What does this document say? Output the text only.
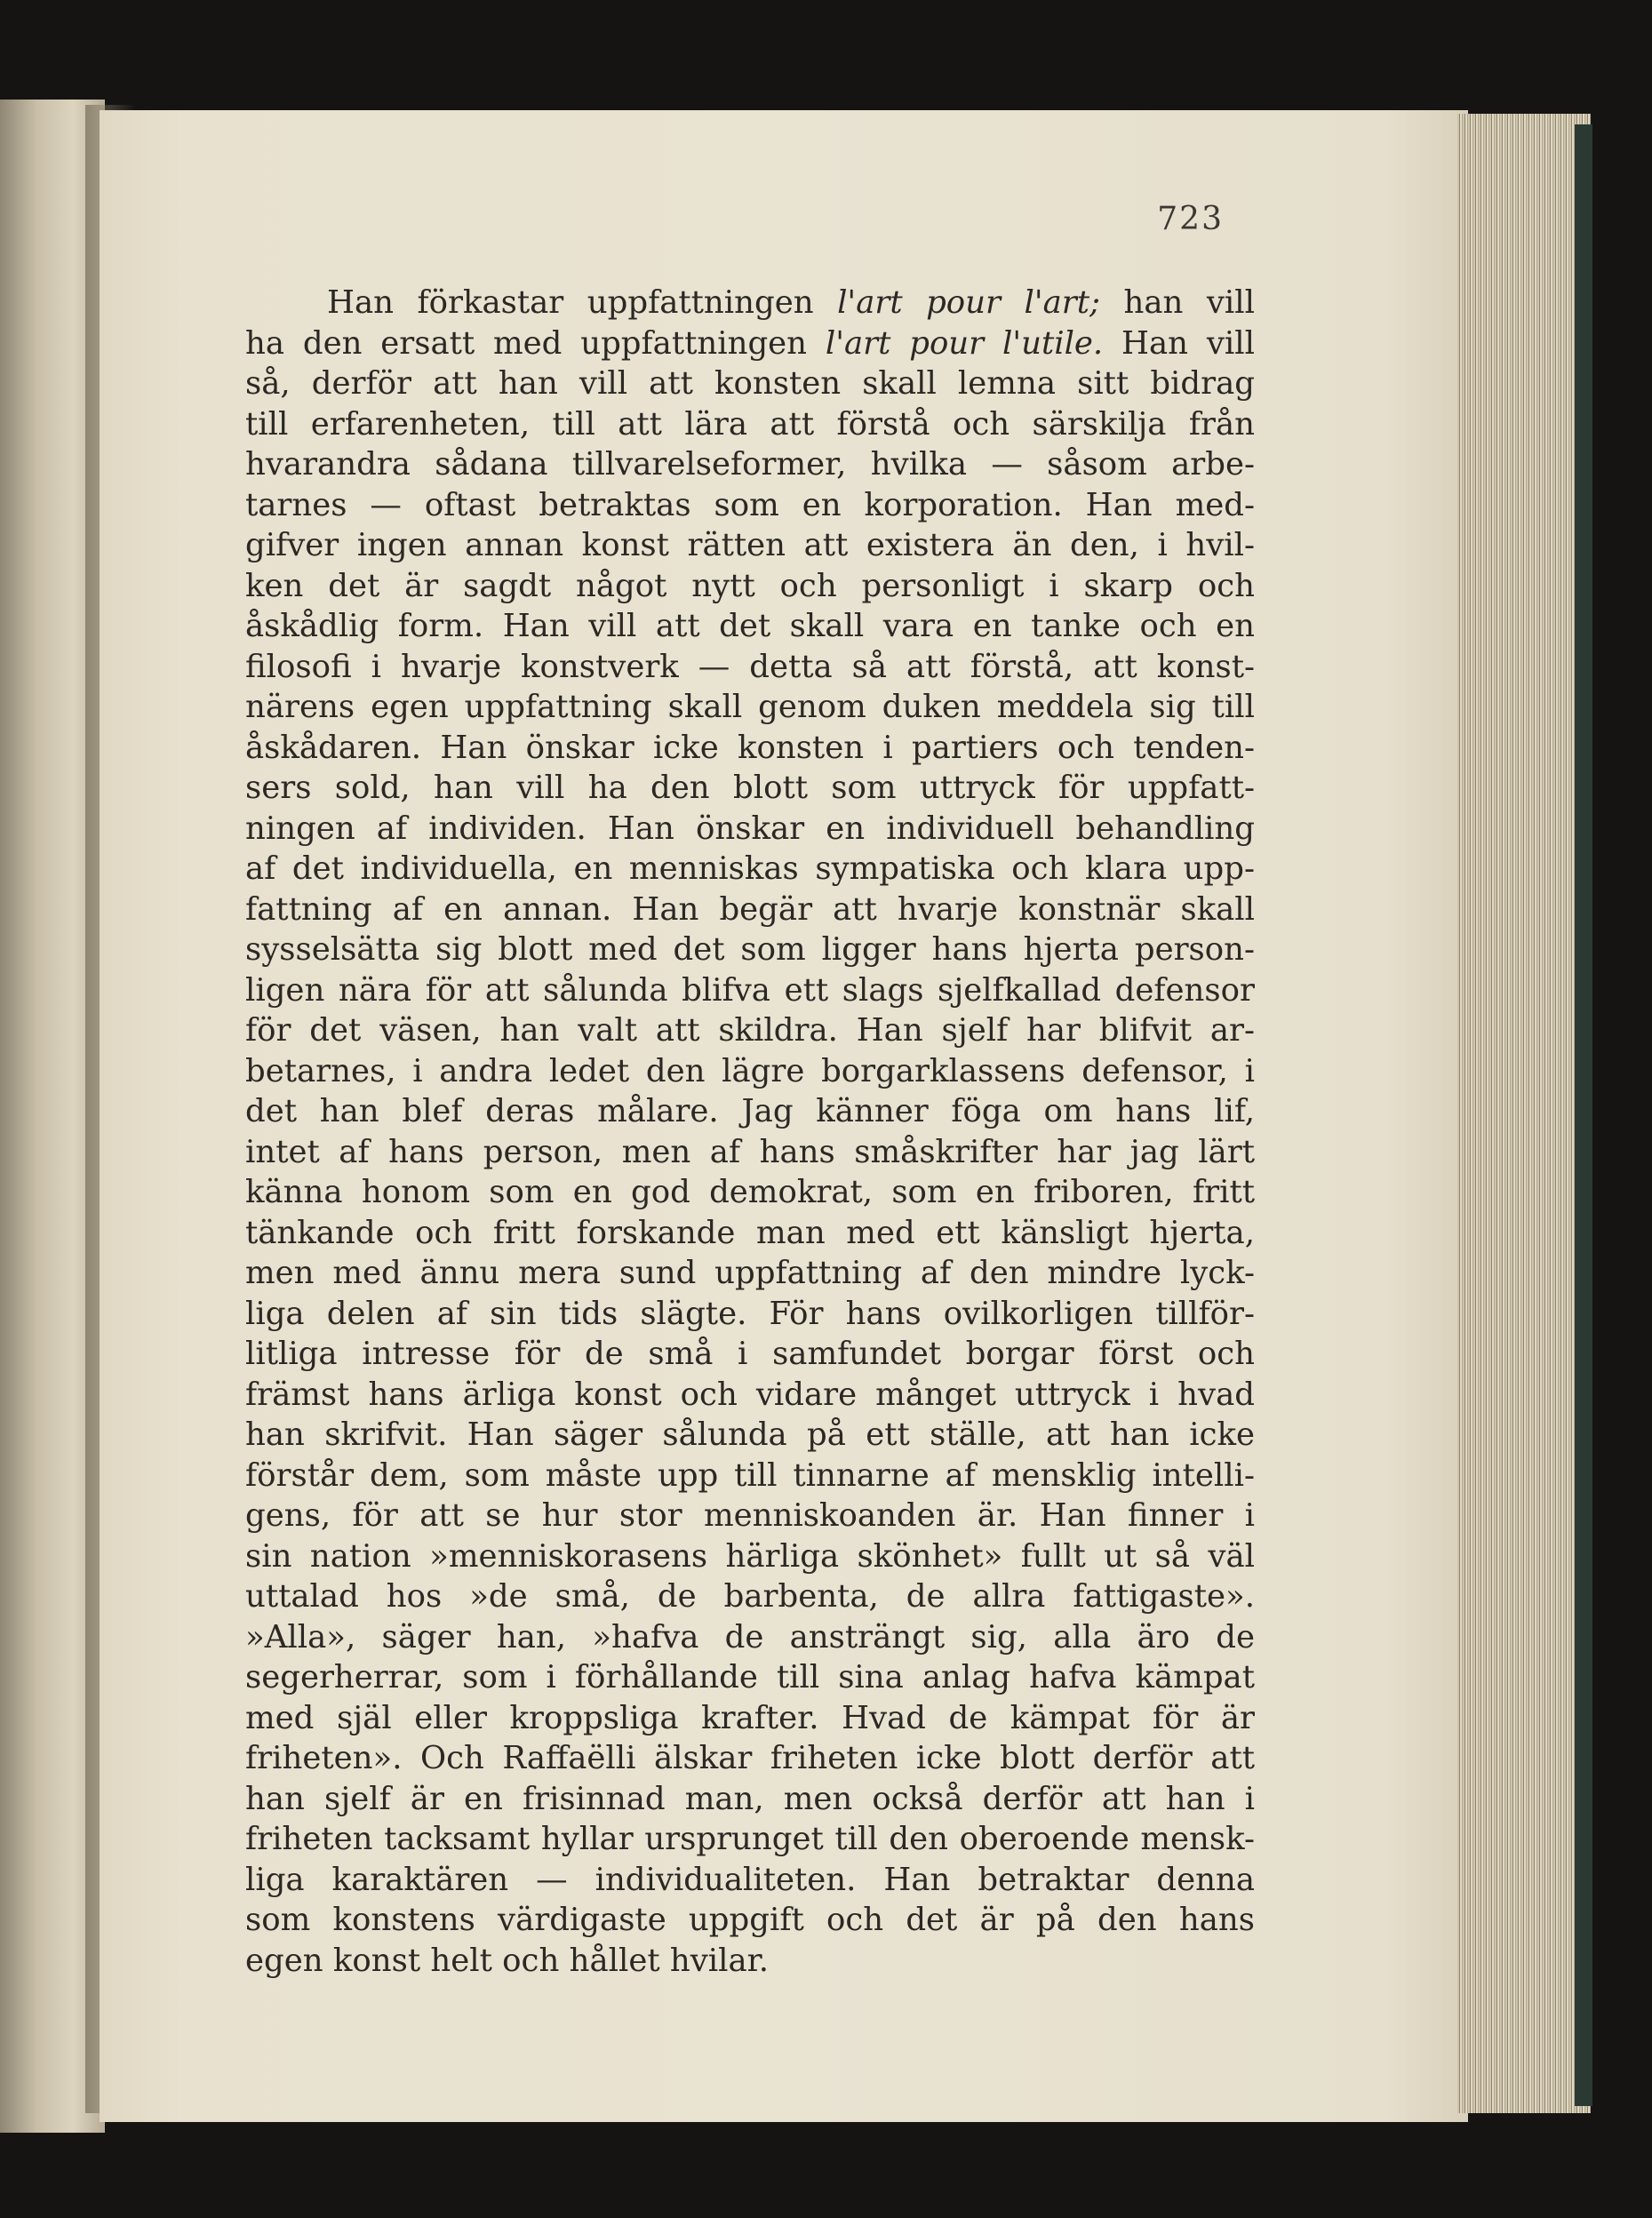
723
Han förkastar uppfattningen l'art pour l'art; han vill
ha den ersatt med uppfattningen l'art pour l'utile. Han vill
så, derför att han vill att konsten skall lemna sitt bidrag
till erfarenheten, till att lära att förstå och särskilja från
hvarandra sådana tillvarelseformer, hvilka — såsom arbe-
tarnes — oftast betraktas som en korporation. Han med-
gifver ingen annan konst rätten att existera än den, i hvil-
ken det är sagdt något nytt och personligt i skarp och
åskådlig form. Han vill att det skall vara en tanke och en
filosofi i hvarje konstverk — detta så att förstå, att konst-
närens egen uppfattning skall genom duken meddela sig till
åskådaren. Han önskar icke konsten i partiers och tenden-
sers sold, han vill ha den blott som uttryck för uppfatt-
ningen af individen. Han önskar en individuell behandling
af det individuella, en menniskas sympatiska och klara upp-
fattning af en annan. Han begär att hvarje konstnär skall
sysselsätta sig blott med det som ligger hans hjerta person-
ligen nära för att sålunda blifva ett slags sjelfkallad defensor
för det väsen, han valt att skildra. Han sjelf har blifvit ar-
betarnes, i andra ledet den lägre borgarklassens defensor, i
det han blef deras målare. Jag känner föga om hans lif,
intet af hans person, men af hans småskrifter har jag lärt
känna honom som en god demokrat, som en friboren, fritt
tänkande och fritt forskande man med ett känsligt hjerta,
men med ännu mera sund uppfattning af den mindre lyck-
liga delen af sin tids slägte. För hans ovilkorligen tillför-
litliga intresse för de små i samfundet borgar först och
främst hans ärliga konst och vidare månget uttryck i hvad
han skrifvit. Han säger sålunda på ett ställe, att han icke
förstår dem, som måste upp till tinnarne af mensklig intelli-
gens, för att se hur stor menniskoanden är. Han finner i
sin nation »menniskorasens härliga skönhet» fullt ut så väl
uttalad hos »de små, de barbenta, de allra fattigaste».
»Alla», säger han, »hafva de ansträngt sig, alla äro de
segerherrar, som i förhållande till sina anlag hafva kämpat
med själ eller kroppsliga krafter. Hvad de kämpat för är
friheten». Och Raffaëlli älskar friheten icke blott derför att
han sjelf är en frisinnad man, men också derför att han i
friheten tacksamt hyllar ursprunget till den oberoende mensk-
liga karaktären — individualiteten. Han betraktar denna
som konstens värdigaste uppgift och det är på den hans
egen konst helt och hållet hvilar.
